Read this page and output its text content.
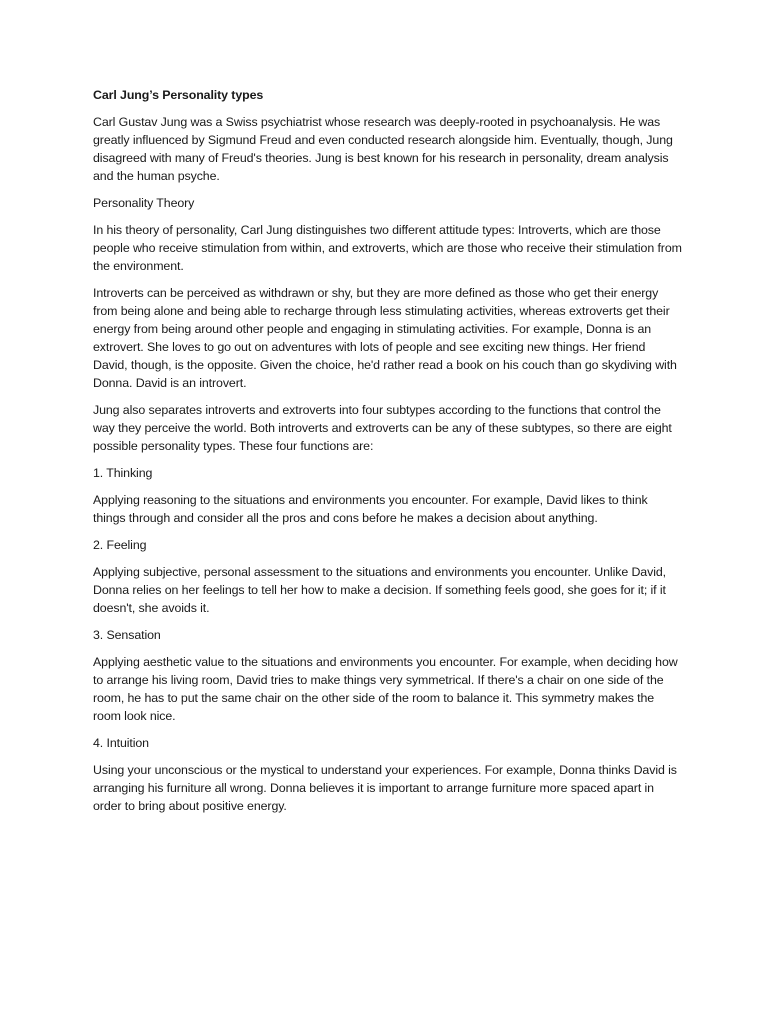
Carl Jung’s Personality types

Carl Gustav Jung was a Swiss psychiatrist whose research was deeply-rooted in psychoanalysis. He was greatly influenced by Sigmund Freud and even conducted research alongside him. Eventually, though, Jung disagreed with many of Freud's theories. Jung is best known for his research in personality, dream analysis and the human psyche.

Personality Theory

In his theory of personality, Carl Jung distinguishes two different attitude types: Introverts, which are those people who receive stimulation from within, and extroverts, which are those who receive their stimulation from the environment.

Introverts can be perceived as withdrawn or shy, but they are more defined as those who get their energy from being alone and being able to recharge through less stimulating activities, whereas extroverts get their energy from being around other people and engaging in stimulating activities. For example, Donna is an extrovert. She loves to go out on adventures with lots of people and see exciting new things. Her friend David, though, is the opposite. Given the choice, he'd rather read a book on his couch than go skydiving with Donna. David is an introvert.

Jung also separates introverts and extroverts into four subtypes according to the functions that control the way they perceive the world. Both introverts and extroverts can be any of these subtypes, so there are eight possible personality types. These four functions are:

1. Thinking

Applying reasoning to the situations and environments you encounter. For example, David likes to think things through and consider all the pros and cons before he makes a decision about anything.

2. Feeling

Applying subjective, personal assessment to the situations and environments you encounter. Unlike David, Donna relies on her feelings to tell her how to make a decision. If something feels good, she goes for it; if it doesn't, she avoids it.

3. Sensation

Applying aesthetic value to the situations and environments you encounter. For example, when deciding how to arrange his living room, David tries to make things very symmetrical. If there's a chair on one side of the room, he has to put the same chair on the other side of the room to balance it. This symmetry makes the room look nice.

4. Intuition

Using your unconscious or the mystical to understand your experiences. For example, Donna thinks David is arranging his furniture all wrong. Donna believes it is important to arrange furniture more spaced apart in order to bring about positive energy.
